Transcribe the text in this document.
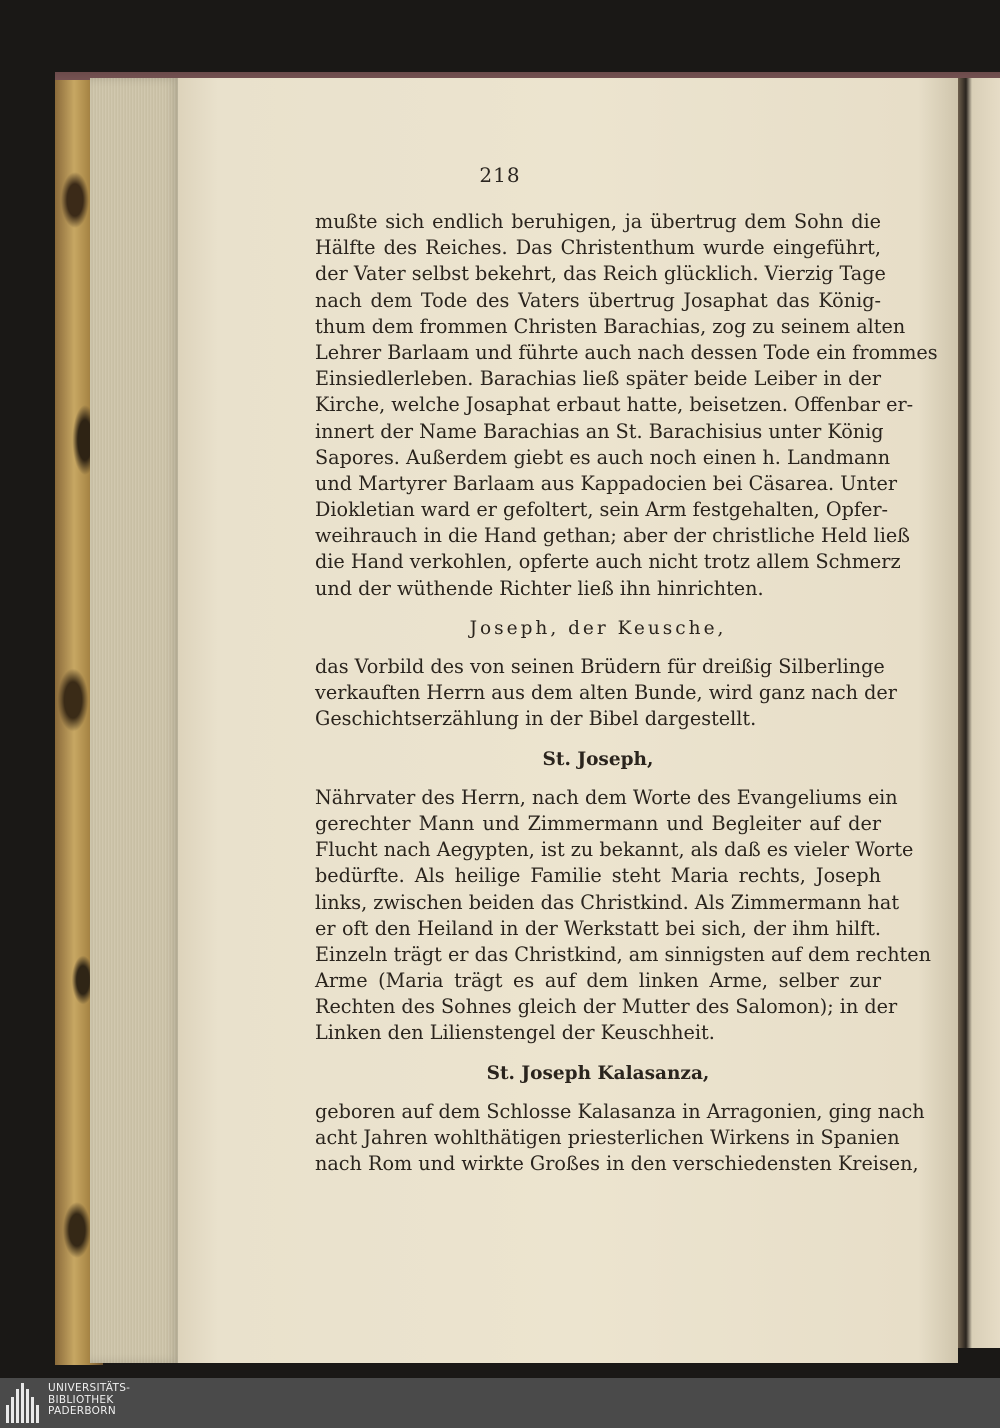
218
mußte sich endlich beruhigen, ja übertrug dem Sohn die
Hälfte des Reiches. Das Christenthum wurde eingeführt,
der Vater selbst bekehrt, das Reich glücklich. Vierzig Tage
nach dem Tode des Vaters übertrug Josaphat das König-
thum dem frommen Christen Barachias, zog zu seinem alten
Lehrer Barlaam und führte auch nach dessen Tode ein frommes
Einsiedlerleben. Barachias ließ später beide Leiber in der
Kirche, welche Josaphat erbaut hatte, beisetzen. Offenbar er-
innert der Name Barachias an St. Barachisius unter König
Sapores. Außerdem giebt es auch noch einen h. Landmann
und Martyrer Barlaam aus Kappadocien bei Cäsarea. Unter
Diokletian ward er gefoltert, sein Arm festgehalten, Opfer-
weihrauch in die Hand gethan; aber der christliche Held ließ
die Hand verkohlen, opferte auch nicht trotz allem Schmerz
und der wüthende Richter ließ ihn hinrichten.
Joseph, der Keusche,
das Vorbild des von seinen Brüdern für dreißig Silberlinge
verkauften Herrn aus dem alten Bunde, wird ganz nach der
Geschichtserzählung in der Bibel dargestellt.
St. Joseph,
Nährvater des Herrn, nach dem Worte des Evangeliums ein
gerechter Mann und Zimmermann und Begleiter auf der
Flucht nach Aegypten, ist zu bekannt, als daß es vieler Worte
bedürfte. Als heilige Familie steht Maria rechts, Joseph
links, zwischen beiden das Christkind. Als Zimmermann hat
er oft den Heiland in der Werkstatt bei sich, der ihm hilft.
Einzeln trägt er das Christkind, am sinnigsten auf dem rechten
Arme (Maria trägt es auf dem linken Arme, selber zur
Rechten des Sohnes gleich der Mutter des Salomon); in der
Linken den Lilienstengel der Keuschheit.
St. Joseph Kalasanza,
geboren auf dem Schlosse Kalasanza in Arragonien, ging nach
acht Jahren wohlthätigen priesterlichen Wirkens in Spanien
nach Rom und wirkte Großes in den verschiedensten Kreisen,
UNIVERSITÄTS-
BIBLIOTHEK
PADERBORN
